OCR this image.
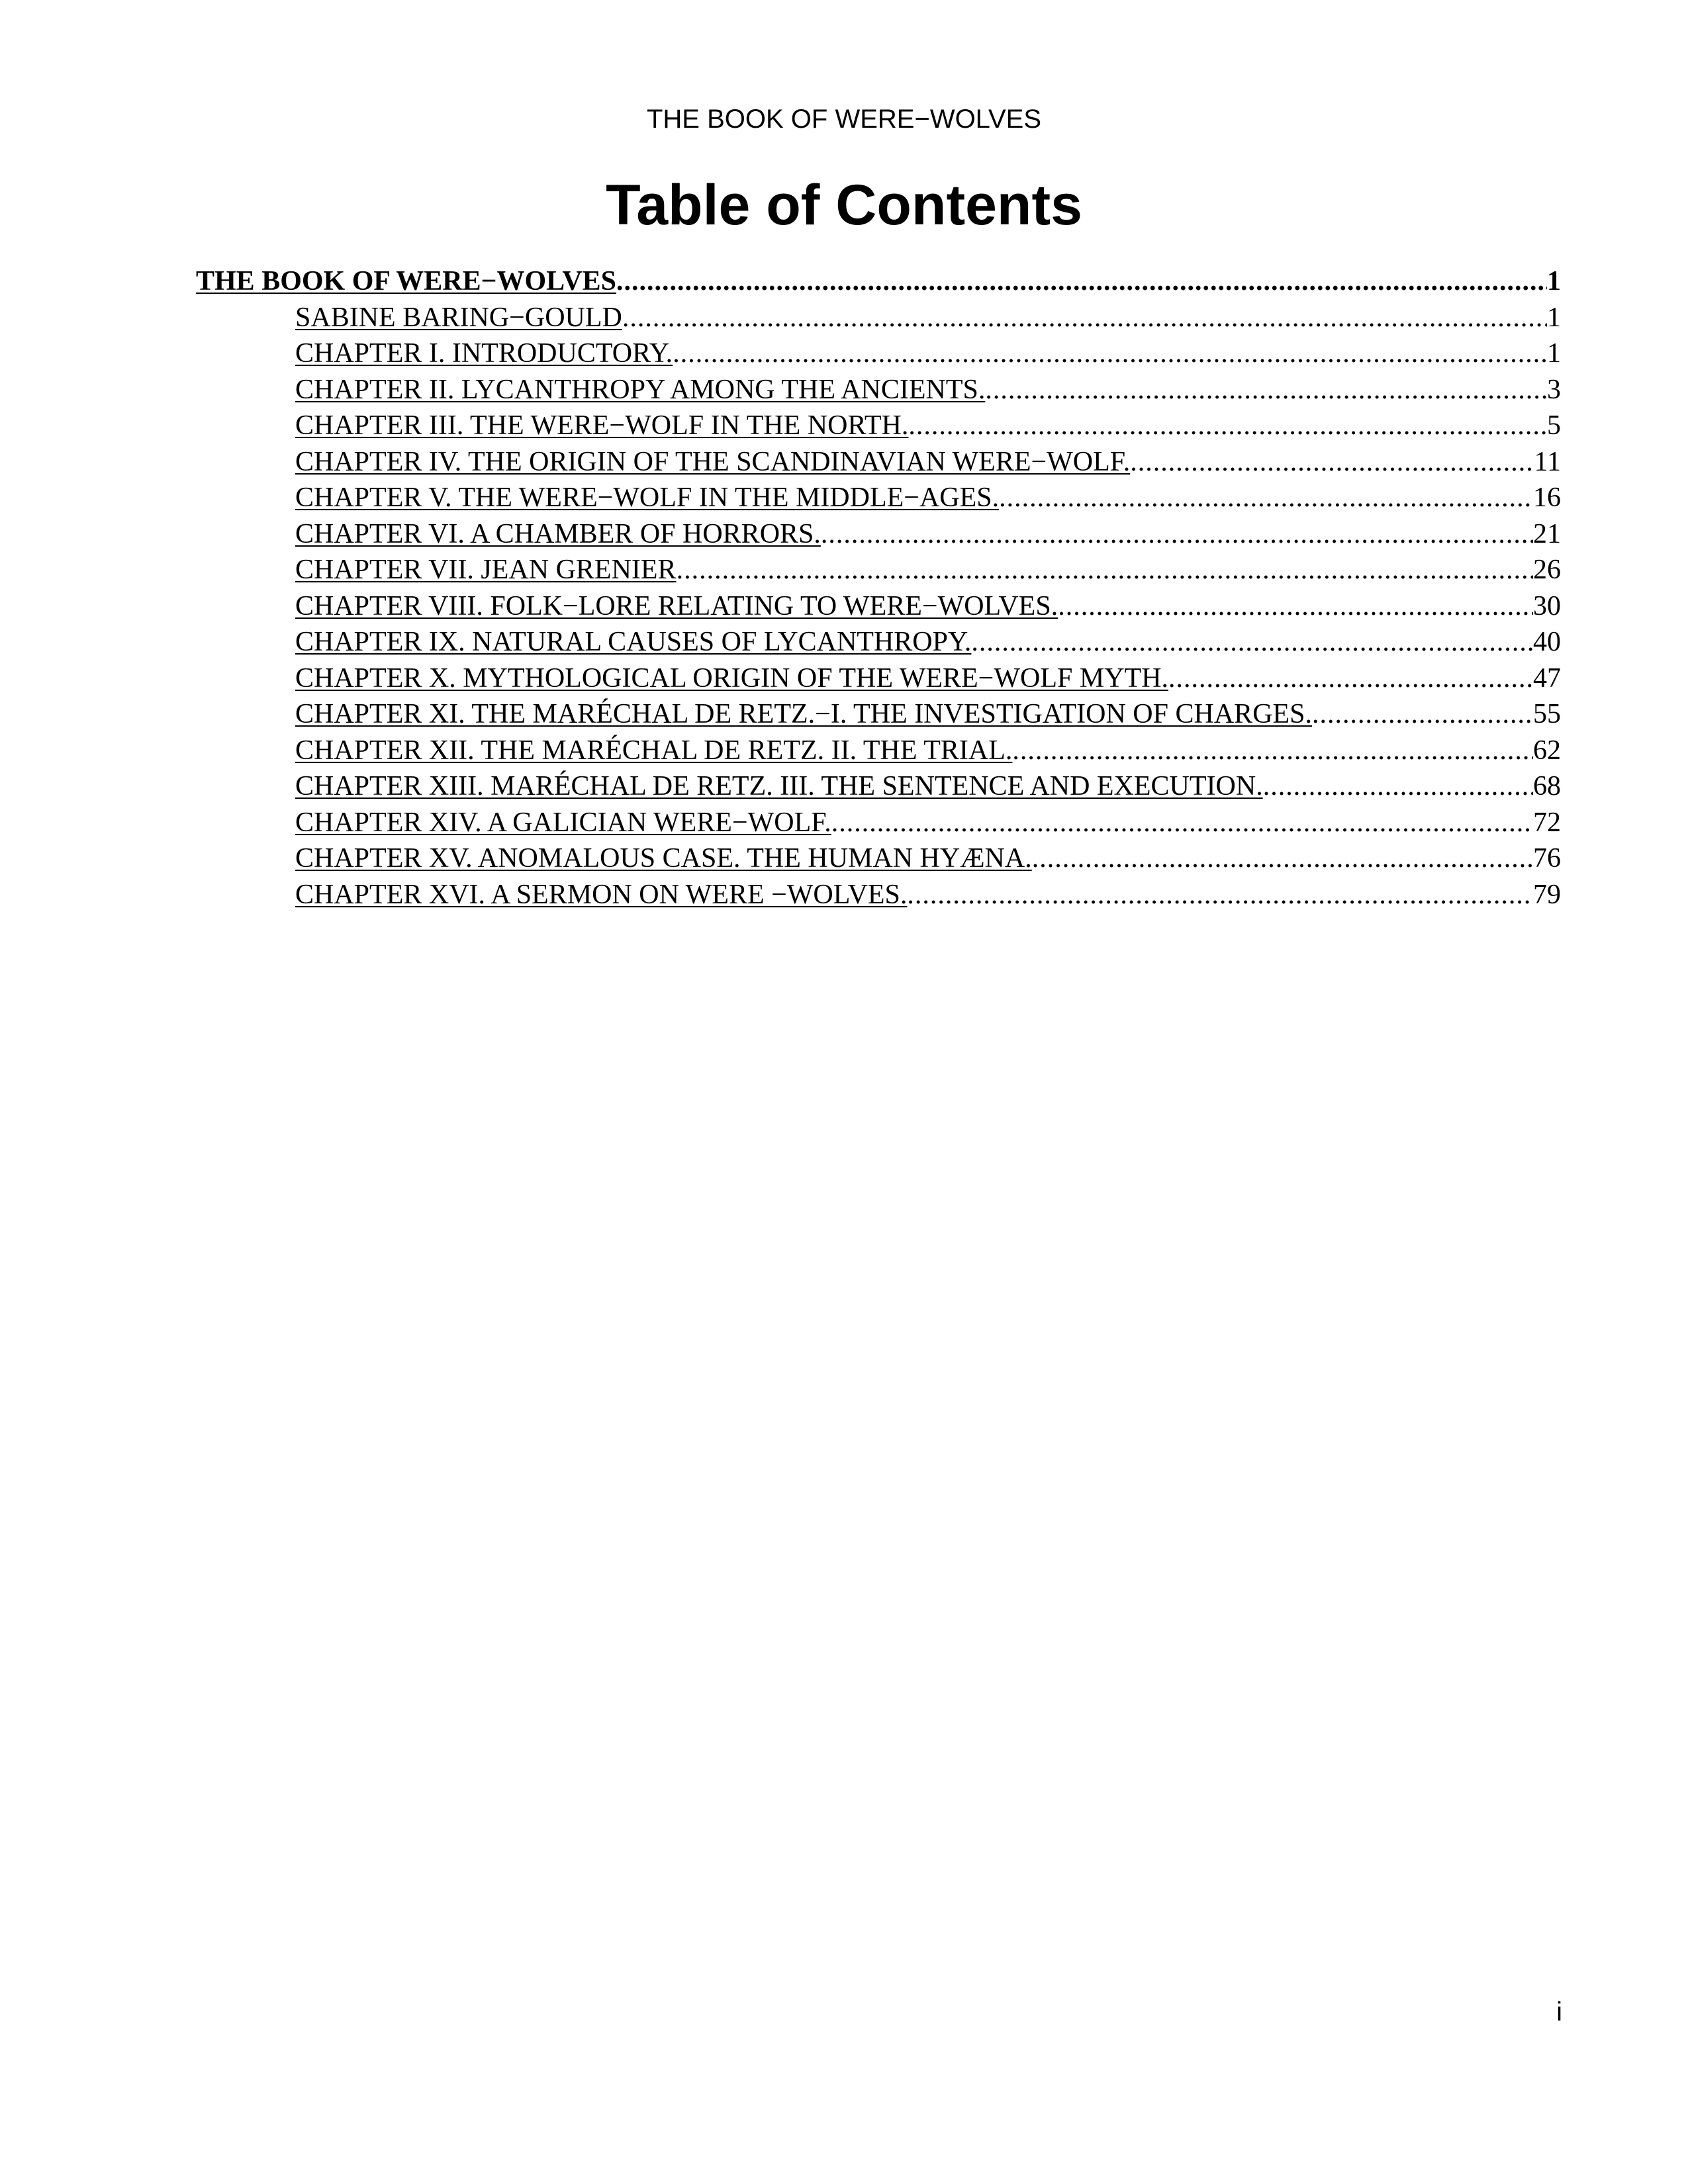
THE BOOK OF WERE−WOLVES
Table of Contents
THE BOOK OF WERE−WOLVES .....	1
SABINE BARING−GOULD .....	1
CHAPTER I. INTRODUCTORY. .....	1
CHAPTER II. LYCANTHROPY AMONG THE ANCIENTS. .....	3
CHAPTER III. THE WERE−WOLF IN THE NORTH. .....	5
CHAPTER IV. THE ORIGIN OF THE SCANDINAVIAN WERE−WOLF. .....	11
CHAPTER V. THE WERE−WOLF IN THE MIDDLE−AGES. .....	16
CHAPTER VI. A CHAMBER OF HORRORS. .....	21
CHAPTER VII. JEAN GRENIER .....	26
CHAPTER VIII. FOLK−LORE RELATING TO WERE−WOLVES. .....	30
CHAPTER IX. NATURAL CAUSES OF LYCANTHROPY. .....	40
CHAPTER X. MYTHOLOGICAL ORIGIN OF THE WERE−WOLF MYTH. .....	47
CHAPTER XI. THE MARÉCHAL DE RETZ.−I. THE INVESTIGATION OF CHARGES. .....	55
CHAPTER XII. THE MARÉCHAL DE RETZ. II. THE TRIAL. .....	62
CHAPTER XIII. MARÉCHAL DE RETZ. III. THE SENTENCE AND EXECUTION. .....	68
CHAPTER XIV. A GALICIAN WERE−WOLF. .....	72
CHAPTER XV. ANOMALOUS CASE. THE HUMAN HYÆNA. .....	76
CHAPTER XVI. A SERMON ON WERE −WOLVES. .....	79
i
